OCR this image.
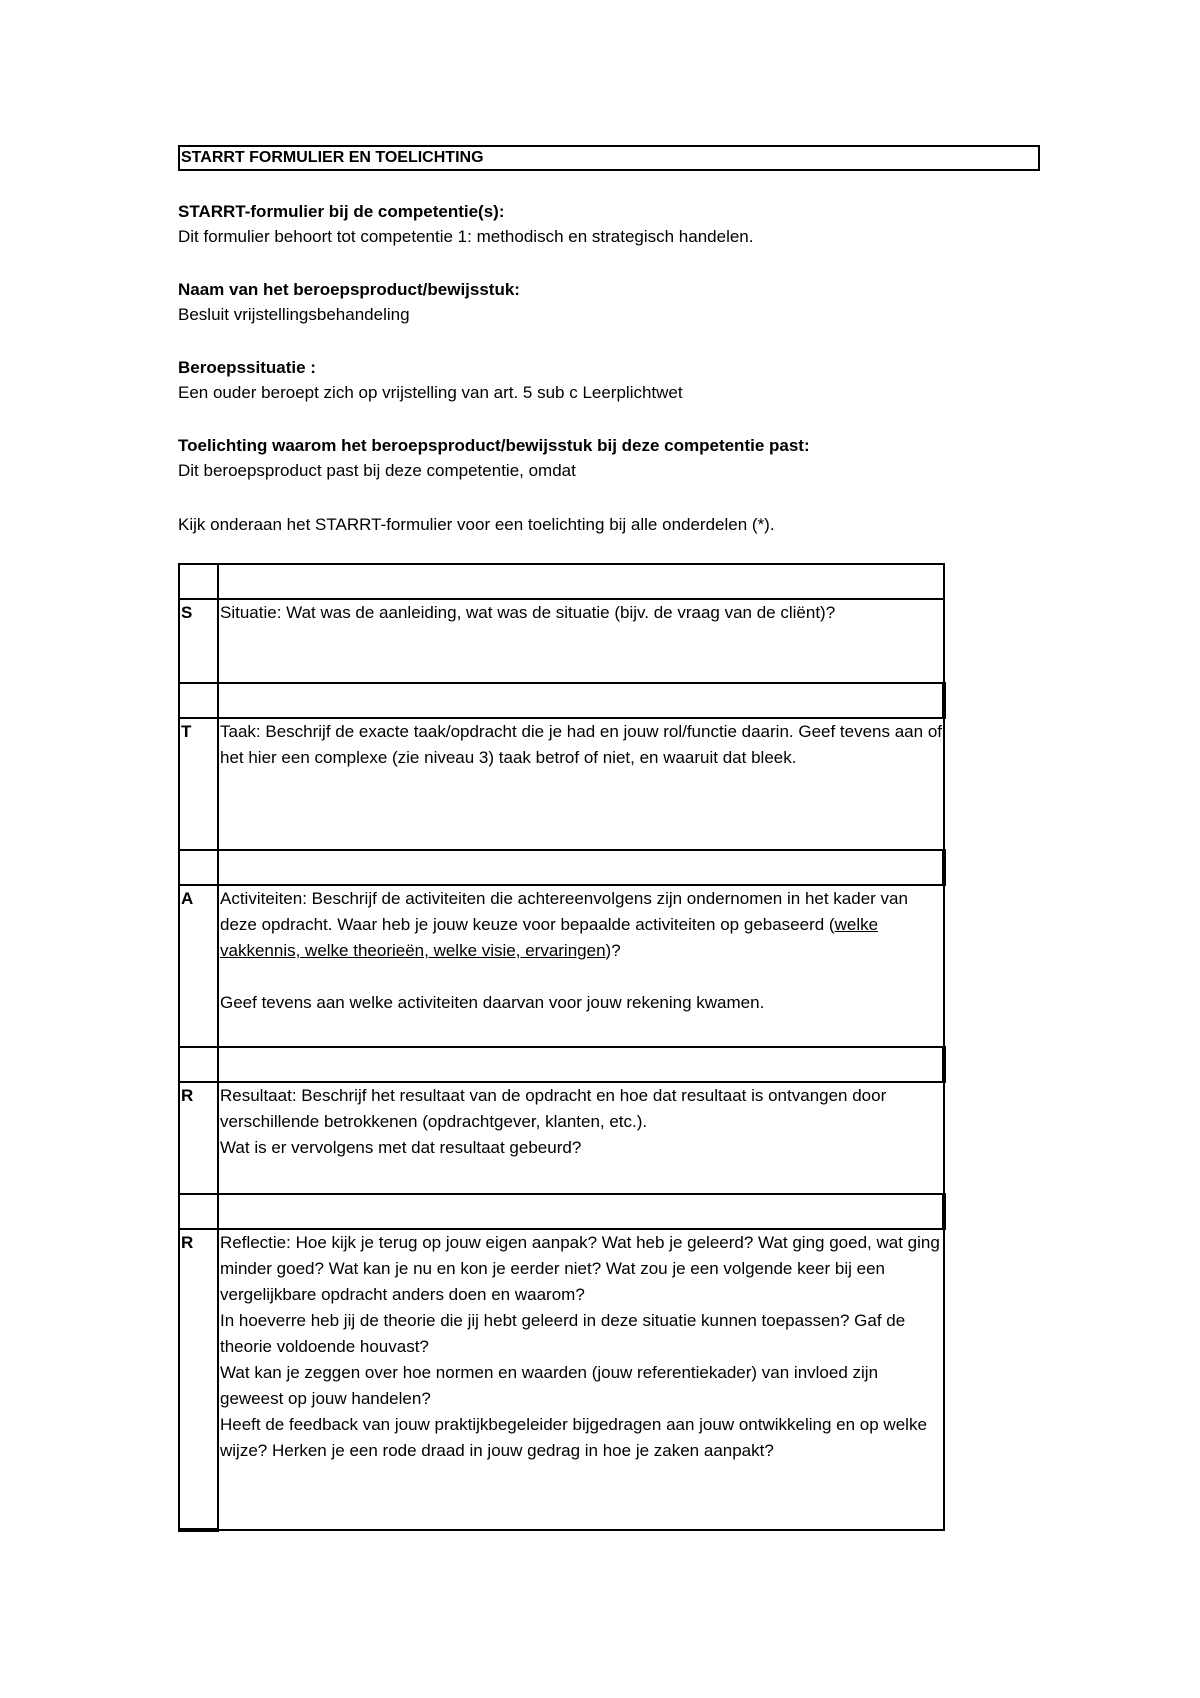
STARRT FORMULIER EN TOELICHTING
STARRT-formulier bij de competentie(s):
Dit formulier behoort tot competentie 1: methodisch en strategisch handelen.
Naam van het beroepsproduct/bewijsstuk:
Besluit vrijstellingsbehandeling
Beroepssituatie :
Een ouder beroept zich op vrijstelling van art. 5 sub c Leerplichtwet
Toelichting waarom het beroepsproduct/bewijsstuk bij deze competentie past:
Dit beroepsproduct past bij deze competentie, omdat
Kijk onderaan het STARRT-formulier voor een toelichting bij alle onderdelen (*).

S	Situatie: Wat was de aanleiding, wat was de situatie (bijv. de vraag van de cliënt)?

T	Taak: Beschrijf de exacte taak/opdracht die je had en jouw rol/functie daarin. Geef tevens aan of het hier een complexe (zie niveau 3) taak betrof of niet, en waaruit dat bleek.

A	Activiteiten: Beschrijf de activiteiten die achtereenvolgens zijn ondernomen in het kader van deze opdracht. Waar heb je jouw keuze voor bepaalde activiteiten op gebaseerd (welke vakkennis, welke theorieën, welke visie, ervaringen)?
Geef tevens aan welke activiteiten daarvan voor jouw rekening kwamen.

R	Resultaat: Beschrijf het resultaat van de opdracht en hoe dat resultaat is ontvangen door verschillende betrokkenen (opdrachtgever, klanten, etc.).
Wat is er vervolgens met dat resultaat gebeurd?

R	Reflectie: Hoe kijk je terug op jouw eigen aanpak? Wat heb je geleerd? Wat ging goed, wat ging minder goed? Wat kan je nu en kon je eerder niet? Wat zou je een volgende keer bij een vergelijkbare opdracht anders doen en waarom?
In hoeverre heb jij de theorie die jij hebt geleerd in deze situatie kunnen toepassen? Gaf de theorie voldoende houvast?
Wat kan je zeggen over hoe normen en waarden (jouw referentiekader) van invloed zijn geweest op jouw handelen?
Heeft de feedback van jouw praktijkbegeleider bijgedragen aan jouw ontwikkeling en op welke wijze? Herken je een rode draad in jouw gedrag in hoe je zaken aanpakt?
